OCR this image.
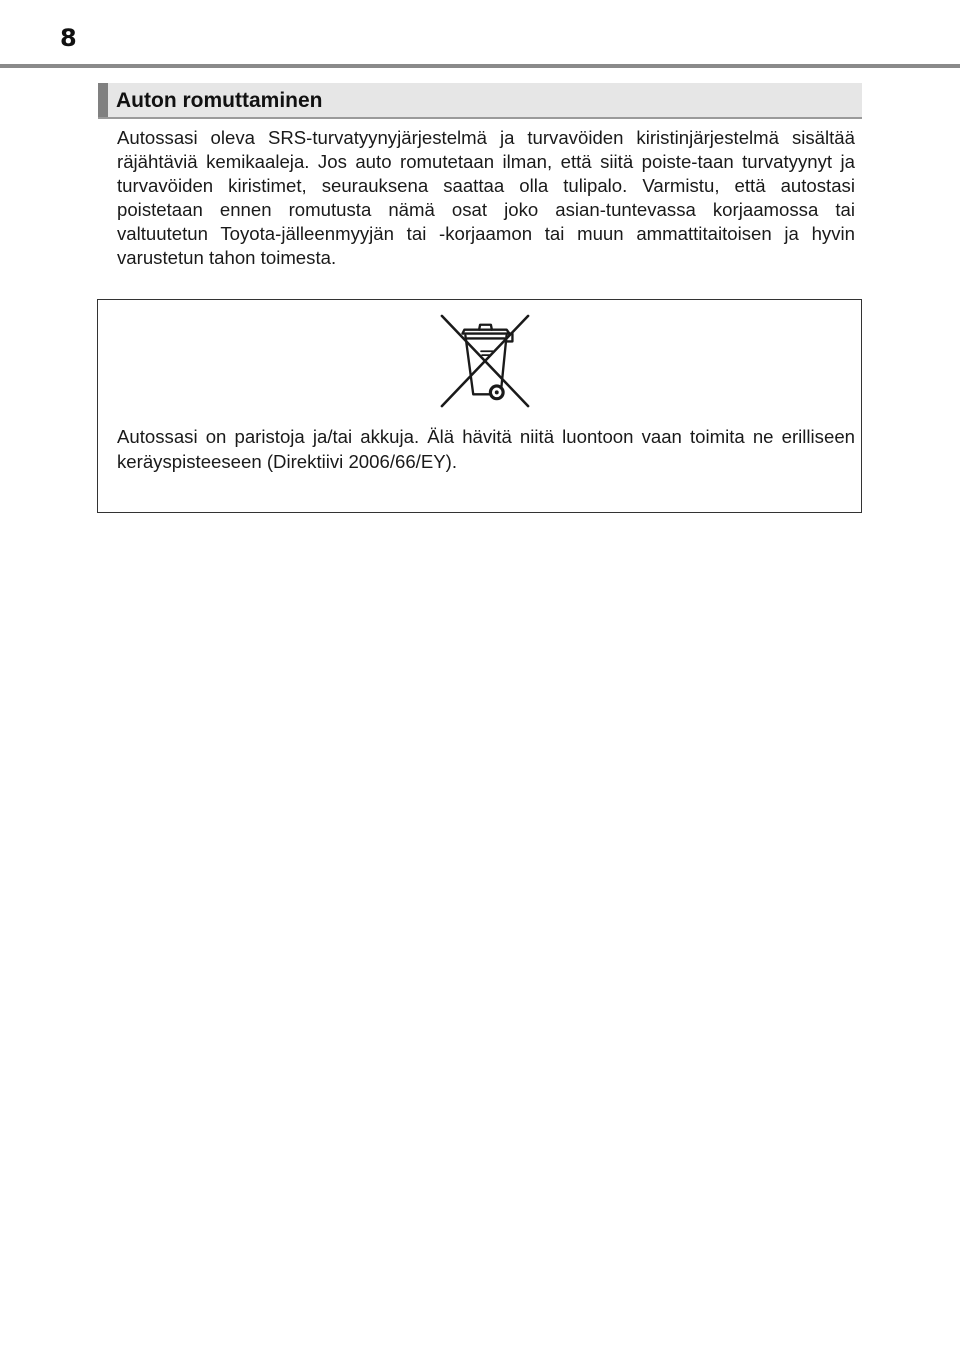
8
Auton romuttaminen
Autossasi oleva SRS-turvatyynyjärjestelmä ja turvavöiden kiristinjärjestelmä sisältää räjähtäviä kemikaaleja. Jos auto romutetaan ilman, että siitä poiste-taan turvatyynyt ja turvavöiden kiristimet, seurauksena saattaa olla tulipalo. Varmistu, että autostasi poistetaan ennen romutusta nämä osat joko asian-tuntevassa korjaamossa tai valtuutetun Toyota-jälleenmyyjän tai -korjaamon tai muun ammattitaitoisen ja hyvin varustetun tahon toimesta.
Autossasi on paristoja ja/tai akkuja. Älä hävitä niitä luontoon vaan toimita ne erilliseen keräyspisteeseen (Direktiivi 2006/66/EY).
